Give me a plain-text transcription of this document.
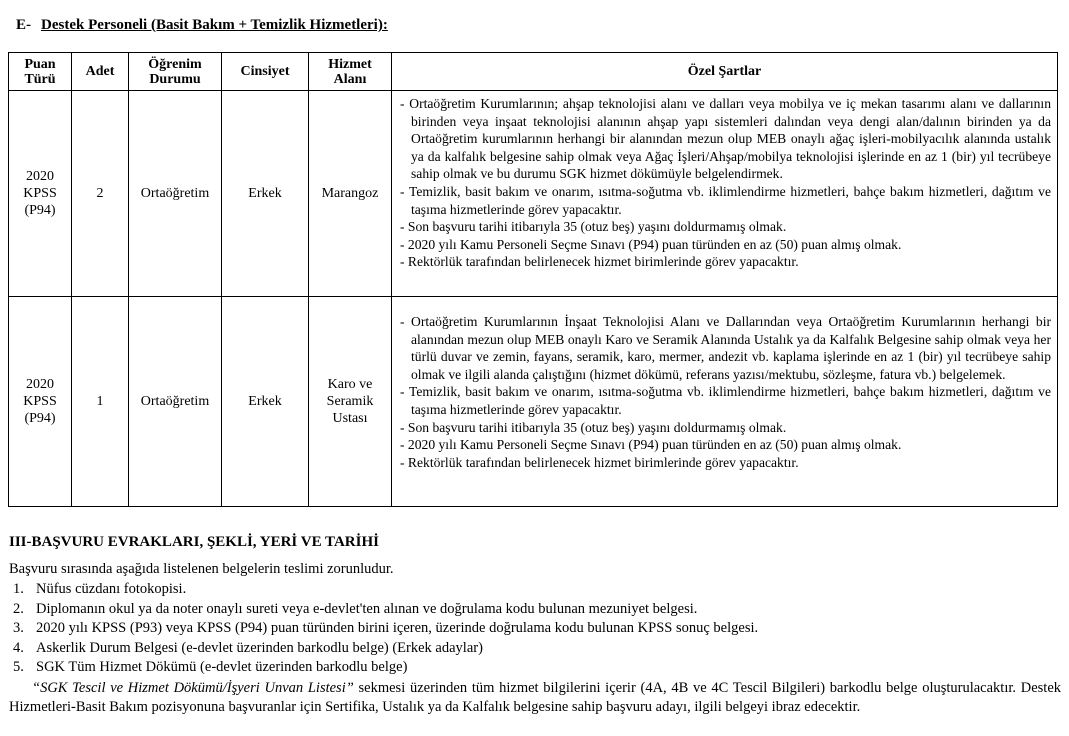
E- Destek Personeli (Basit Bakım + Temizlik Hizmetleri):
Puan Türü	Adet	Öğrenim Durumu	Cinsiyet	Hizmet Alanı	Özel Şartlar
2020 KPSS (P94)	2	Ortaöğretim	Erkek	Marangoz	- Ortaöğretim Kurumlarının; ahşap teknolojisi alanı ve dalları veya mobilya ve iç mekan tasarımı alanı ve dallarının birinden veya inşaat teknolojisi alanının ahşap yapı sistemleri dalından veya dengi alan/dalının birinden ya da Ortaöğretim kurumlarının herhangi bir alanından mezun olup MEB onaylı ağaç işleri-mobilyacılık alanında ustalık ya da kalfalık belgesine sahip olmak veya Ağaç İşleri/Ahşap/mobilya teknolojisi işlerinde en az 1 (bir) yıl tecrübeye sahip olmak ve bu durumu SGK hizmet dökümüyle belgelendirmek.
- Temizlik, basit bakım ve onarım, ısıtma-soğutma vb. iklimlendirme hizmetleri, bahçe bakım hizmetleri, dağıtım ve taşıma hizmetlerinde görev yapacaktır.
- Son başvuru tarihi itibarıyla 35 (otuz beş) yaşını doldurmamış olmak.
- 2020 yılı Kamu Personeli Seçme Sınavı (P94) puan türünden en az (50) puan almış olmak.
- Rektörlük tarafından belirlenecek hizmet birimlerinde görev yapacaktır.

2020 KPSS (P94)	1	Ortaöğretim	Erkek	Karo ve Seramik Ustası	- Ortaöğretim Kurumlarının İnşaat Teknolojisi Alanı ve Dallarından veya Ortaöğretim Kurumlarının herhangi bir alanından mezun olup MEB onaylı Karo ve Seramik Alanında Ustalık ya da Kalfalık Belgesine sahip olmak veya her türlü duvar ve zemin, fayans, seramik, karo, mermer, andezit vb. kaplama işlerinde en az 1 (bir) yıl tecrübeye sahip olmak ve ilgili alanda çalıştığını (hizmet dökümü, referans yazısı/mektubu, sözleşme, fatura vb.) belgelemek.
- Temizlik, basit bakım ve onarım, ısıtma-soğutma vb. iklimlendirme hizmetleri, bahçe bakım hizmetleri, dağıtım ve taşıma hizmetlerinde görev yapacaktır.
- Son başvuru tarihi itibarıyla 35 (otuz beş) yaşını doldurmamış olmak.
- 2020 yılı Kamu Personeli Seçme Sınavı (P94) puan türünden en az (50) puan almış olmak.
- Rektörlük tarafından belirlenecek hizmet birimlerinde görev yapacaktır.
III-BAŞVURU EVRAKLARI, ŞEKLİ, YERİ VE TARİHİ
Başvuru sırasında aşağıda listelenen belgelerin teslimi zorunludur.
1. Nüfus cüzdanı fotokopisi.
2. Diplomanın okul ya da noter onaylı sureti veya e-devlet'ten alınan ve doğrulama kodu bulunan mezuniyet belgesi.
3. 2020 yılı KPSS (P93) veya KPSS (P94) puan türünden birini içeren, üzerinde doğrulama kodu bulunan KPSS sonuç belgesi.
4. Askerlik Durum Belgesi (e-devlet üzerinden barkodlu belge) (Erkek adaylar)
5. SGK Tüm Hizmet Dökümü (e-devlet üzerinden barkodlu belge)
“SGK Tescil ve Hizmet Dökümü/İşyeri Unvan Listesi” sekmesi üzerinden tüm hizmet bilgilerini içerir (4A, 4B ve 4C Tescil Bilgileri) barkodlu belge oluşturulacaktır. Destek Hizmetleri-Basit Bakım pozisyonuna başvuranlar için Sertifika, Ustalık ya da Kalfalık belgesine sahip başvuru adayı, ilgili belgeyi ibraz edecektir.
